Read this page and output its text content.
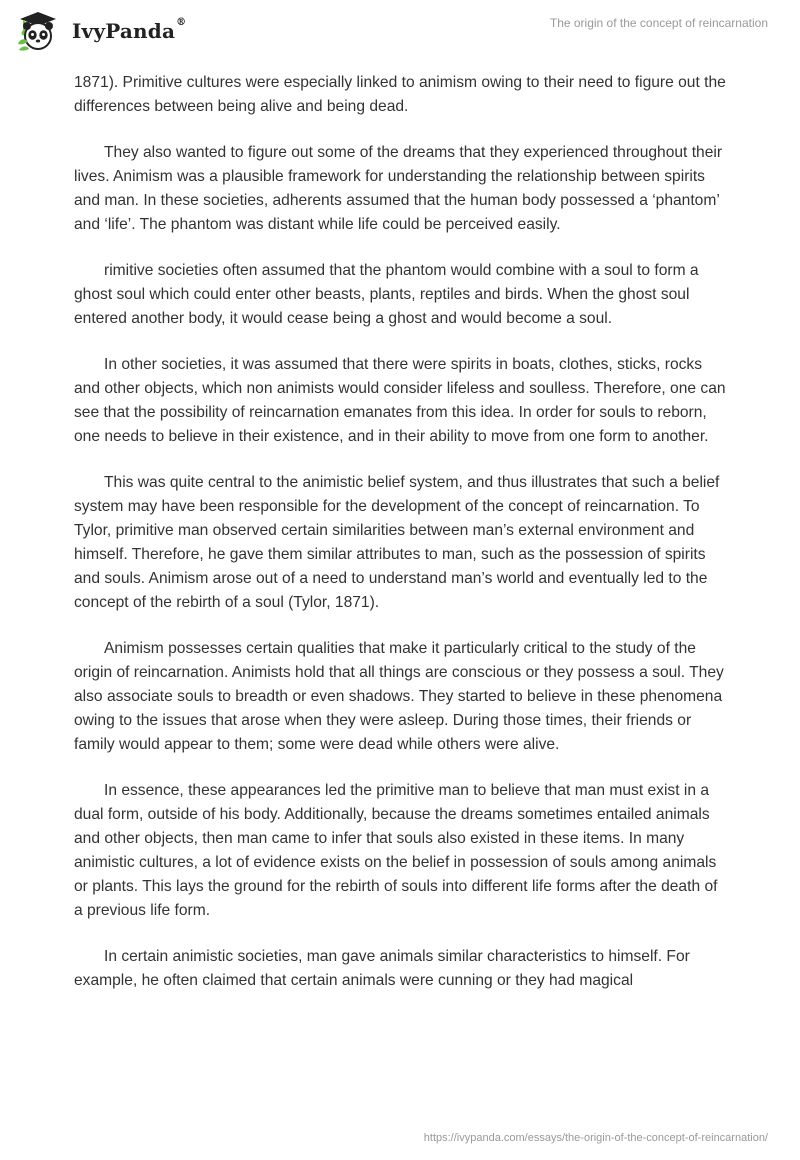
IvyPanda®	The origin of the concept of reincarnation

1871). Primitive cultures were especially linked to animism owing to their need to figure out the differences between being alive and being dead.

They also wanted to figure out some of the dreams that they experienced throughout their lives. Animism was a plausible framework for understanding the relationship between spirits and man. In these societies, adherents assumed that the human body possessed a ‘phantom’ and ‘life’. The phantom was distant while life could be perceived easily.

rimitive societies often assumed that the phantom would combine with a soul to form a ghost soul which could enter other beasts, plants, reptiles and birds. When the ghost soul entered another body, it would cease being a ghost and would become a soul.

In other societies, it was assumed that there were spirits in boats, clothes, sticks, rocks and other objects, which non animists would consider lifeless and soulless. Therefore, one can see that the possibility of reincarnation emanates from this idea. In order for souls to reborn, one needs to believe in their existence, and in their ability to move from one form to another.

This was quite central to the animistic belief system, and thus illustrates that such a belief system may have been responsible for the development of the concept of reincarnation. To Tylor, primitive man observed certain similarities between man’s external environment and himself. Therefore, he gave them similar attributes to man, such as the possession of spirits and souls. Animism arose out of a need to understand man’s world and eventually led to the concept of the rebirth of a soul (Tylor, 1871).

Animism possesses certain qualities that make it particularly critical to the study of the origin of reincarnation. Animists hold that all things are conscious or they possess a soul. They also associate souls to breadth or even shadows. They started to believe in these phenomena owing to the issues that arose when they were asleep. During those times, their friends or family would appear to them; some were dead while others were alive.

In essence, these appearances led the primitive man to believe that man must exist in a dual form, outside of his body. Additionally, because the dreams sometimes entailed animals and other objects, then man came to infer that souls also existed in these items. In many animistic cultures, a lot of evidence exists on the belief in possession of souls among animals or plants. This lays the ground for the rebirth of souls into different life forms after the death of a previous life form.

In certain animistic societies, man gave animals similar characteristics to himself. For example, he often claimed that certain animals were cunning or they had magical

https://ivypanda.com/essays/the-origin-of-the-concept-of-reincarnation/
